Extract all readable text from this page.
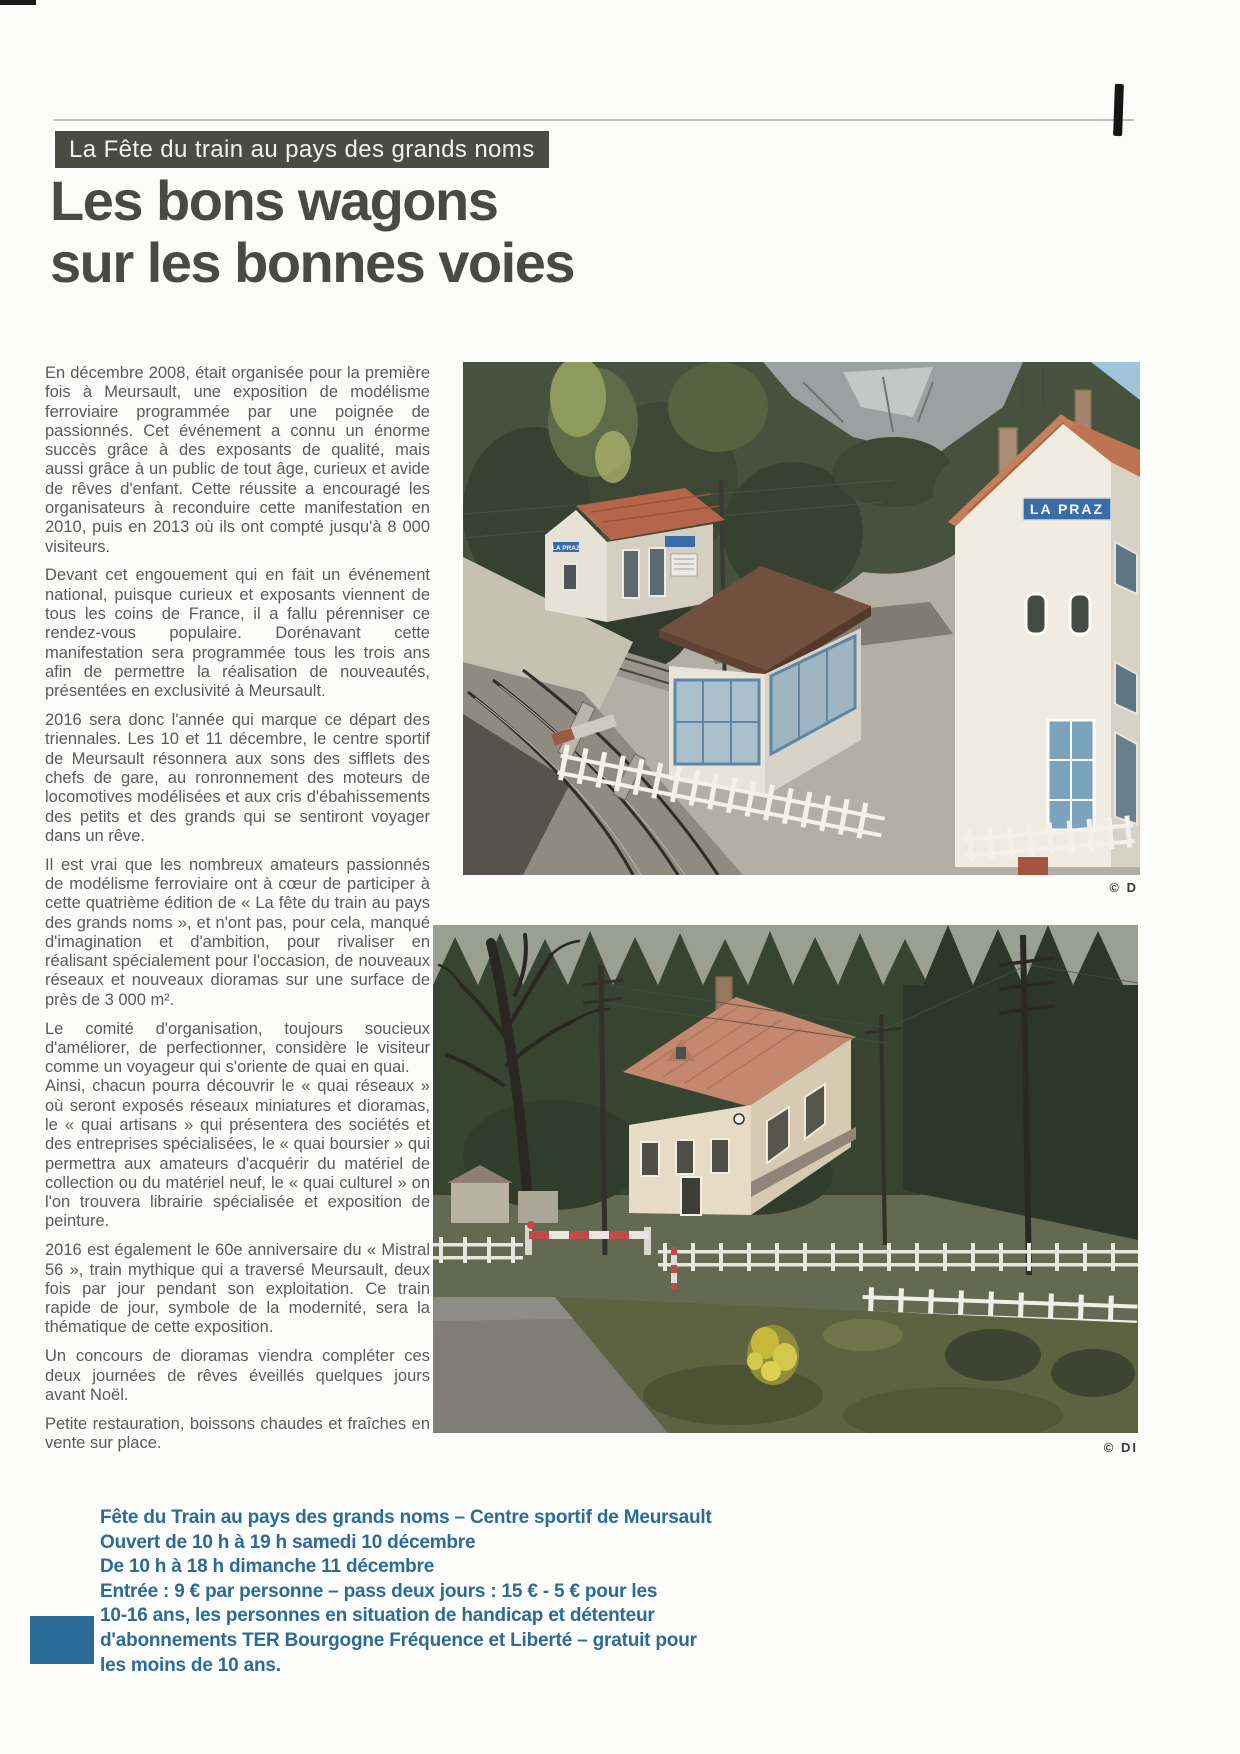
La Fête du train au pays des grands noms
Les bons wagons
sur les bonnes voies

En décembre 2008, était organisée pour la première fois à Meursault, une exposition de modélisme ferroviaire programmée par une poignée de passionnés. Cet événement a connu un énorme succès grâce à des exposants de qualité, mais aussi grâce à un public de tout âge, curieux et avide de rêves d'enfant. Cette réussite a encouragé les organisateurs à reconduire cette manifestation en 2010, puis en 2013 où ils ont compté jusqu'à 8 000 visiteurs.

Devant cet engouement qui en fait un événement national, puisque curieux et exposants viennent de tous les coins de France, il a fallu pérenniser ce rendez-vous populaire. Dorénavant cette manifestation sera programmée tous les trois ans afin de permettre la réalisation de nouveautés, présentées en exclusivité à Meursault.

2016 sera donc l'année qui marque ce départ des triennales. Les 10 et 11 décembre, le centre sportif de Meursault résonnera aux sons des sifflets des chefs de gare, au ronronnement des moteurs de locomotives modélisées et aux cris d'ébahissements des petits et des grands qui se sentiront voyager dans un rêve.

Il est vrai que les nombreux amateurs passionnés de modélisme ferroviaire ont à cœur de participer à cette quatrième édition de « La fête du train au pays des grands noms », et n'ont pas, pour cela, manqué d'imagination et d'ambition, pour rivaliser en réalisant spécialement pour l'occasion, de nouveaux réseaux et nouveaux dioramas sur une surface de près de 3 000 m².

Le comité d'organisation, toujours soucieux d'améliorer, de perfectionner, considère le visiteur comme un voyageur qui s'oriente de quai en quai.

Ainsi, chacun pourra découvrir le « quai réseaux » où seront exposés réseaux miniatures et dioramas, le « quai artisans » qui présentera des sociétés et des entreprises spécialisées, le « quai boursier » qui permettra aux amateurs d'acquérir du matériel de collection ou du matériel neuf, le « quai culturel » on l'on trouvera librairie spécialisée et exposition de peinture.

2016 est également le 60e anniversaire du « Mistral 56 », train mythique qui a traversé Meursault, deux fois par jour pendant son exploitation. Ce train rapide de jour, symbole de la modernité, sera la thématique de cette exposition.

Un concours de dioramas viendra compléter ces deux journées de rêves éveillés quelques jours avant Noël.

Petite restauration, boissons chaudes et fraîches en vente sur place.

LA PRAZ
LA PRAZ
© D
© DI
Fête du Train au pays des grands noms – Centre sportif de Meursault
Ouvert de 10 h à 19 h samedi 10 décembre
De 10 h à 18 h dimanche 11 décembre
Entrée : 9 € par personne – pass deux jours : 15 € - 5 € pour les
10-16 ans, les personnes en situation de handicap et détenteur
d'abonnements TER Bourgogne Fréquence et Liberté – gratuit pour
les moins de 10 ans.
